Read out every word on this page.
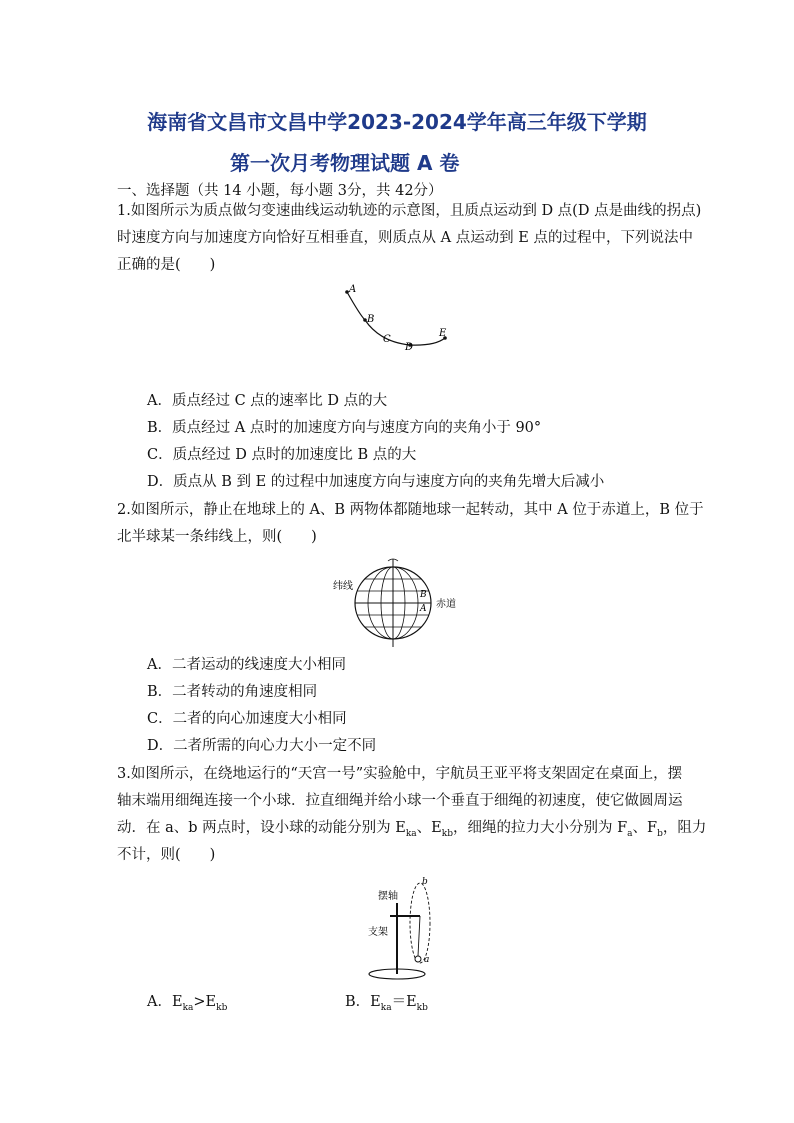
海南省文昌市文昌中学2023-2024学年高三年级下学期
第一次月考物理试题 A 卷
一、选择题（共 14 小题，每小题 3分，共 42分）
1.如图所示为质点做匀变速曲线运动轨迹的示意图，且质点运动到 D 点(D 点是曲线的拐点)
时速度方向与加速度方向恰好互相垂直，则质点从 A 点运动到 E 点的过程中，下列说法中
正确的是(　　)
A
B
C
D
E
A．质点经过 C 点的速率比 D 点的大
B．质点经过 A 点时的加速度方向与速度方向的夹角小于 90°
C．质点经过 D 点时的加速度比 B 点的大
D．质点从 B 到 E 的过程中加速度方向与速度方向的夹角先增大后减小
2.如图所示，静止在地球上的 A、B 两物体都随地球一起转动，其中 A 位于赤道上，B 位于
北半球某一条纬线上，则(　　)
纬线
赤道
B
A
A．二者运动的线速度大小相同
B．二者转动的角速度相同
C．二者的向心加速度大小相同
D．二者所需的向心力大小一定不同
3.如图所示，在绕地运行的“天宫一号”实验舱中，宇航员王亚平将支架固定在桌面上，摆
轴末端用细绳连接一个小球．拉直细绳并给小球一个垂直于细绳的初速度，使它做圆周运
动．在 a、b 两点时，设小球的动能分别为 $E_{ka}$、$E_{kb}$，细绳的拉力大小分别为 $F_a$、$F_b$，阻力
不计，则(　　)
摆轴
支架
a
b
A．$E_{ka}>E_{kb}$	B．$E_{ka}=E_{kb}$
